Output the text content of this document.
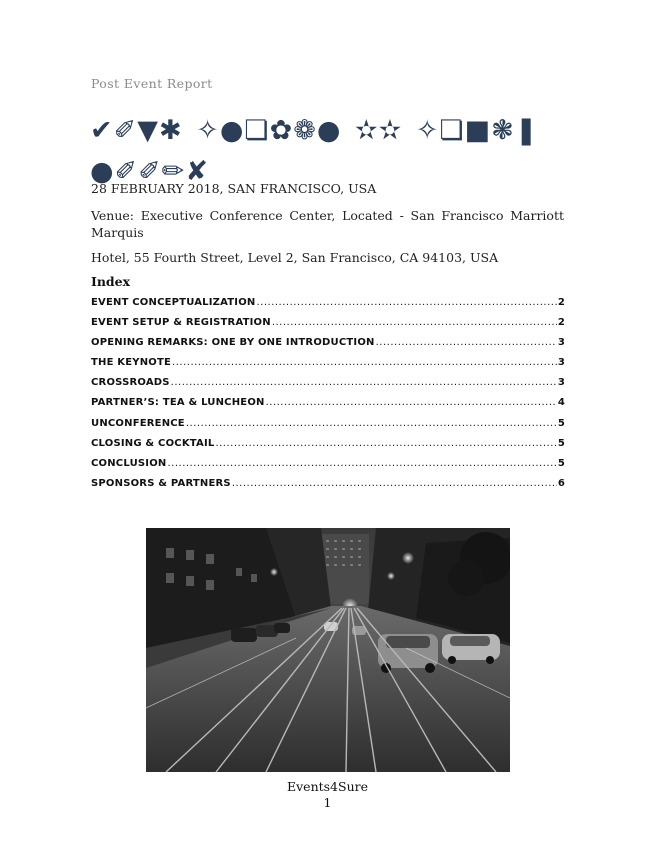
Post Event Report
✔✐▼✱ ✧●❏✿❁● ✫✫ ✧❏■❃❚ ●✐✐✏✘
28 FEBRUARY 2018, SAN FRANCISCO, USA
Venue: Executive Conference Center, Located - San Francisco Marriott Marquis
Hotel, 55 Fourth Street, Level 2, San Francisco, CA 94103, USA
Index
EVENT CONCEPTUALIZATION .....	2
EVENT SETUP & REGISTRATION .....	2
OPENING REMARKS: ONE BY ONE INTRODUCTION .....	3
THE KEYNOTE .....	3
CROSSROADS .....	3
PARTNER’S: TEA & LUNCHEON .....	4
UNCONFERENCE .....	5
CLOSING & COCKTAIL .....	5
CONCLUSION .....	5
SPONSORS & PARTNERS .....	6
Events4Sure
1
